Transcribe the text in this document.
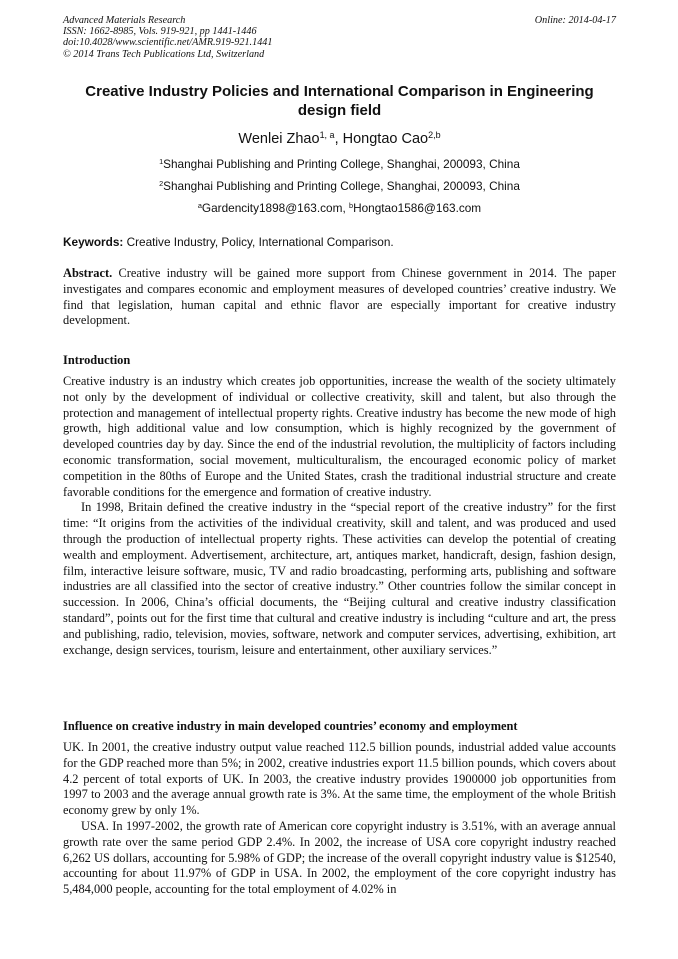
Advanced Materials Research
ISSN: 1662-8985, Vols. 919-921, pp 1441-1446
doi:10.4028/www.scientific.net/AMR.919-921.1441
© 2014 Trans Tech Publications Ltd, Switzerland
Online: 2014-04-17
Creative Industry Policies and International Comparison in Engineering design field
Wenlei Zhao$^{1, a}$, Hongtao Cao$^{2,b}$
$^1$Shanghai Publishing and Printing College, Shanghai, 200093, China
$^2$Shanghai Publishing and Printing College, Shanghai, 200093, China
$^a$Gardencity1898@163.com, $^b$Hongtao1586@163.com
Keywords: Creative Industry, Policy, International Comparison.
Abstract. Creative industry will be gained more support from Chinese government in 2014. The paper investigates and compares economic and employment measures of developed countries’ creative industry. We find that legislation, human capital and ethnic flavor are especially important for creative industry development.
Introduction

Creative industry is an industry which creates job opportunities, increase the wealth of the society ultimately not only by the development of individual or collective creativity, skill and talent, but also through the protection and management of intellectual property rights. Creative industry has become the new mode of high growth, high additional value and low consumption, which is highly recognized by the government of developed countries day by day. Since the end of the industrial revolution, the multiplicity of factors including economic transformation, social movement, multiculturalism, the encouraged economic policy of market competition in the 80ths of Europe and the United States, crash the traditional industrial structure and create favorable conditions for the emergence and formation of creative industry.

In 1998, Britain defined the creative industry in the “special report of the creative industry” for the first time: “It origins from the activities of the individual creativity, skill and talent, and was produced and used through the production of intellectual property rights. These activities can develop the potential of creating wealth and employment. Advertisement, architecture, art, antiques market, handicraft, design, fashion design, film, interactive leisure software, music, TV and radio broadcasting, performing arts, publishing and software industries are all classified into the sector of creative industry.” Other countries follow the similar concept in succession. In 2006, China’s official documents, the “Beijing cultural and creative industry classification standard”, points out for the first time that cultural and creative industry is including “culture and art, the press and publishing, radio, television, movies, software, network and computer services, advertising, exhibition, art exchange, design services, tourism, leisure and entertainment, other auxiliary services.”

Influence on creative industry in main developed countries’ economy and employment

UK. In 2001, the creative industry output value reached 112.5 billion pounds, industrial added value accounts for the GDP reached more than 5%; in 2002, creative industries export 11.5 billion pounds, which covers about 4.2 percent of total exports of UK. In 2003, the creative industry provides 1900000 job opportunities from 1997 to 2003 and the average annual growth rate is 3%. At the same time, the employment of the whole British economy grew by only 1%.

USA. In 1997-2002, the growth rate of American core copyright industry is 3.51%, with an average annual growth rate over the same period GDP 2.4%. In 2002, the increase of USA core copyright industry reached 6,262 US dollars, accounting for 5.98% of GDP; the increase of the overall copyright industry value is $12540, accounting for about 11.97% of GDP in USA. In 2002, the employment of the core copyright industry has 5,484,000 people, accounting for the total employment of 4.02% in
